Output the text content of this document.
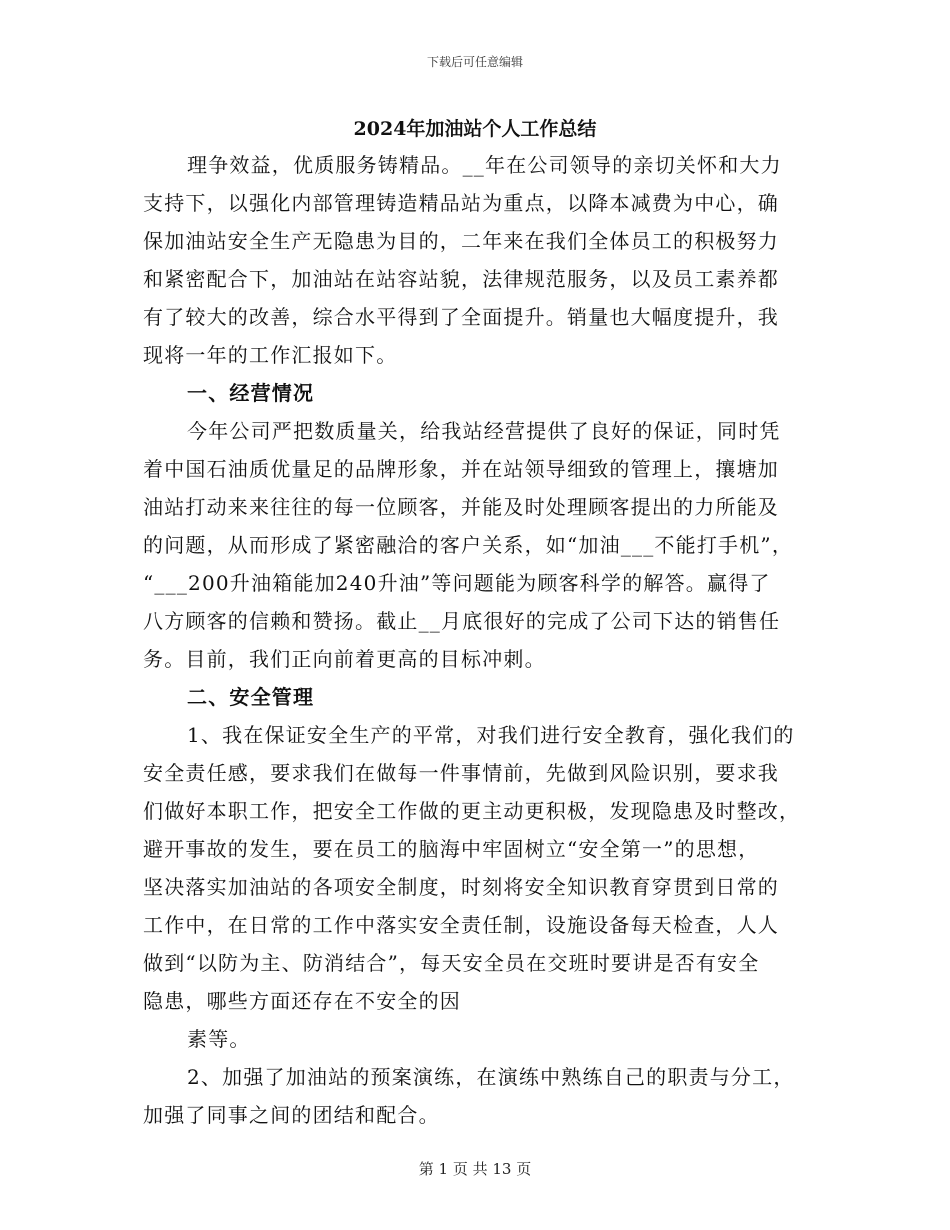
下载后可任意编辑
2024年加油站个人工作总结
理争效益，优质服务铸精品。__年在公司领导的亲切关怀和大力
支持下，以强化内部管理铸造精品站为重点，以降本减费为中心，确
保加油站安全生产无隐患为目的，二年来在我们全体员工的积极努力
和紧密配合下，加油站在站容站貌，法律规范服务，以及员工素养都
有了较大的改善，综合水平得到了全面提升。销量也大幅度提升，我
现将一年的工作汇报如下。
一、经营情况
今年公司严把数质量关，给我站经营提供了良好的保证，同时凭
着中国石油质优量足的品牌形象，并在站领导细致的管理上，攘塘加
油站打动来来往往的每一位顾客，并能及时处理顾客提出的力所能及
的问题，从而形成了紧密融洽的客户关系，如“加油___不能打手机”，
“___200升油箱能加240升油”等问题能为顾客科学的解答。赢得了
八方顾客的信赖和赞扬。截止__月底很好的完成了公司下达的销售任
务。目前，我们正向前着更高的目标冲刺。
二、安全管理
1、我在保证安全生产的平常，对我们进行安全教育，强化我们的
安全责任感，要求我们在做每一件事情前，先做到风险识别，要求我
们做好本职工作，把安全工作做的更主动更积极，发现隐患及时整改，
避开事故的发生，要在员工的脑海中牢固树立“安全第一”的思想，
坚决落实加油站的各项安全制度，时刻将安全知识教育穿贯到日常的
工作中，在日常的工作中落实安全责任制，设施设备每天检查，人人
做到“以防为主、防消结合”，每天安全员在交班时要讲是否有安全
隐患，哪些方面还存在不安全的因
素等。
2、加强了加油站的预案演练，在演练中熟练自己的职责与分工，
加强了同事之间的团结和配合。
第 1 页 共 13 页
